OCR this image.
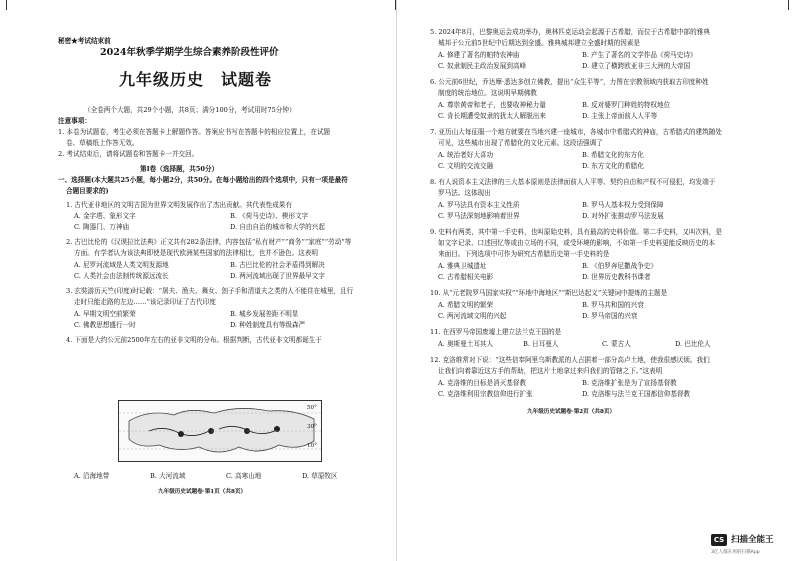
秘密★考试结束前
2024年秋季学期学生综合素养阶段性评价
九年级历史　试题卷
（全卷两个大题，共29个小题，共8页；满分100分，考试用时75分钟）
注意事项：
1. 本卷为试题卷，考生必须在答题卡上解题作答。答案应书写在答题卡的相应位置上，在试题
卷、草稿纸上作答无效。
2. 考试结束后，请将试题卷和答题卡一并交回。
第Ⅰ卷（选择题，共50分）
一、选择题(本大题共25小题，每小题2分，共50分。在每小题给出的四个选项中，只有一项是最符
合题目要求的)
1. 古代亚非地区的文明古国为世界文明发展作出了杰出贡献。其代表性成果有
A. 金字塔、象形文字	B. 《荷马史诗》、楔形文字
C. 陶器门、万神庙	D. 自由自治的城市和大学的兴起
2. 古巴比伦的《汉谟拉比法典》正文共有282条法律，内容包括“私有财产”“商务”“家庭”“劳动”等
方面。有学者认为该法典即使是现代欧洲某些国家的法律相比，也并不逊色。这表明
A. 尼罗河流域是人类文明发源地	B. 古巴比伦的社会矛盾得到解决
C. 人类社会由法制传统源远流长	D. 两河流域出现了世界最早文字
3. 玄奘游历天竺(印度)时记载：“屠夫、渔夫、舞女、刽子手和清道夫之类的人不能住在城里，且行
走时只能走路的左边……”该记录印证了古代印度
A. 早期文明空前繁荣	B. 城乡发展差距不明显
C. 佛教思想盛行一时	D. 种姓制度具有等级森严
4. 下面是大约公元前2500年左右的亚非文明的分布。根据判断，古代亚非文明都诞生于
50°
30°
10°
A. 沿海地带	B. 大河流域	C. 高寒山地	D. 草原牧区
九年级历史试题卷·第1页（共8页）
5. 2024年8月，巴黎奥运会成功举办，奥林匹克运动会起源于古希腊，而位于古希腊中部的雅典
城邦于公元前5世纪中后期达到全盛。雅典城邦建立全盛时期的因素是
A. 修建了著名的帕特农神庙	B. 产生了著名的文学作品《荷马史诗》
C. 奴隶制民主政治发展到高峰	D. 建立了横跨欧亚非三大洲的大帝国
6. 公元前6世纪，乔达摩·悉达多创立佛教，提出“众生平等”，力图在宗教领域内获取古印度种姓
制度的统治地位。这说明早期佛教
A. 尊崇黄帝和老子，也要收神秘力量	B. 反对婆罗门种姓的特权地位
C. 肯长期遭受奴隶的犹太人解脱出来	D. 主张上帝面前人人平等
7. 亚历山大每征服一个地方就要在当地兴建一座城市，各城市中希腊式的神庙，古希腊式的建筑随处
可见，这些城市出现了希腊化的文化元素。这段话强调了
A. 统治者好大喜功	B. 希腊文化的东方化
C. 文明的交流交融	D. 东方文化的希腊化
8. 有人说资本主义法律的三大基本原则是法律面前人人平等、契约自由和产权不可侵犯，均发端于
罗马法。这体现出
A. 罗马法具有资本主义性质	B. 罗马人基本权力受到保障
C. 罗马法深刻地影响着世界	D. 对外扩张推动罗马法发展
9. 史料有两类，其中第一手史料，也叫原始史料，具有最高的史料价值。第二手史料，又叫次料，是
如文字记录、口述回忆等或由立场的不同，或受环境的影响，不如第一手史料更能反映历史的本
来面目。下列选项中可作为研究古希腊历史第一手史料的是
A. 雅典卫城遗址	B. 《伯罗奔尼撒战争史》
C. 古希腊相关电影	D. 世界历史教科书课者
10. 从“元老院罗马国家实权”“环地中海地区”“斯巴达起义”关键词中提炼的主题是
A. 希腊文明的繁荣	B. 罗马共和国的兴衰
C. 两河流域文明的兴起	D. 罗马帝国的兴衰
11. 在西罗马帝国废墟上建立法兰克王国的是
A. 奥斯曼土耳其人	B. 日耳曼人	C. 蒙古人	D. 巴比伦人
12. 克洛维常对下说：“这些信奉阿里乌斯教派的人占据着一部分高卢土地，使我很感厌烦。我们
让我们向着靠近这方手的帮助，把这片土地拿过来归我们的管辖之下。”这表明
A. 克洛维的目标是消灭基督教	B. 克洛维扩张是为了宣扬基督教
C. 克洛维利用宗教信仰进行扩张	D. 克洛维与法兰克王国都信仰基督教
九年级历史试题卷·第2页（共8页）
CS 扫描全能王
3亿人都在用的扫描App
